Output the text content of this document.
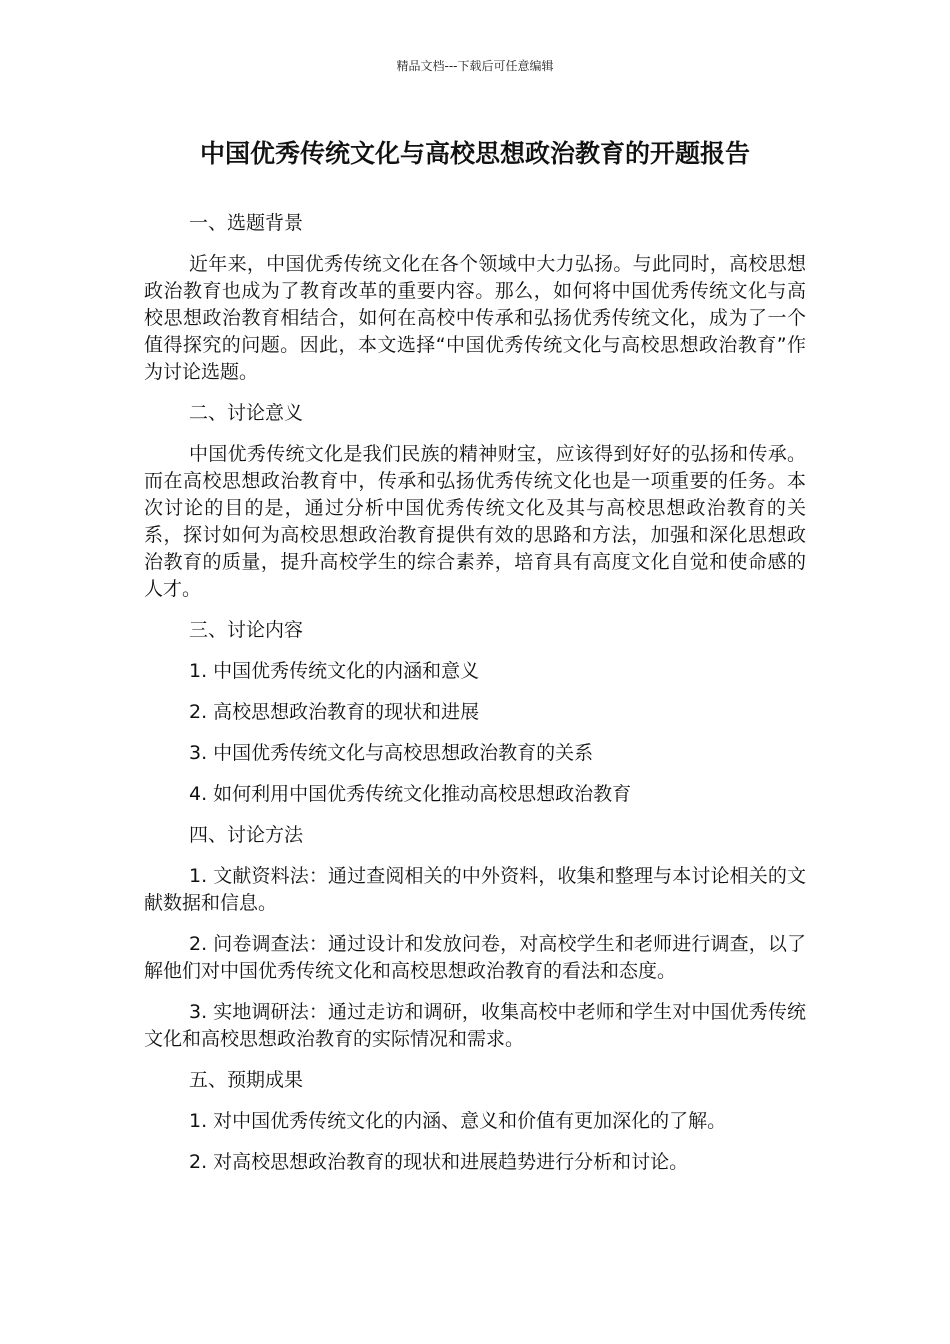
精品文档---下载后可任意编辑
中国优秀传统文化与高校思想政治教育的开题报告

一、选题背景

近年来，中国优秀传统文化在各个领域中大力弘扬。与此同时，高校思想政治教育也成为了教育改革的重要内容。那么，如何将中国优秀传统文化与高校思想政治教育相结合，如何在高校中传承和弘扬优秀传统文化，成为了一个值得探究的问题。因此，本文选择“中国优秀传统文化与高校思想政治教育”作为讨论选题。

二、讨论意义

中国优秀传统文化是我们民族的精神财宝，应该得到好好的弘扬和传承。而在高校思想政治教育中，传承和弘扬优秀传统文化也是一项重要的任务。本次讨论的目的是，通过分析中国优秀传统文化及其与高校思想政治教育的关系，探讨如何为高校思想政治教育提供有效的思路和方法，加强和深化思想政治教育的质量，提升高校学生的综合素养，培育具有高度文化自觉和使命感的人才。

三、讨论内容

1. 中国优秀传统文化的内涵和意义

2. 高校思想政治教育的现状和进展

3. 中国优秀传统文化与高校思想政治教育的关系

4. 如何利用中国优秀传统文化推动高校思想政治教育

四、讨论方法

1. 文献资料法：通过查阅相关的中外资料，收集和整理与本讨论相关的文献数据和信息。

2. 问卷调查法：通过设计和发放问卷，对高校学生和老师进行调查，以了解他们对中国优秀传统文化和高校思想政治教育的看法和态度。

3. 实地调研法：通过走访和调研，收集高校中老师和学生对中国优秀传统文化和高校思想政治教育的实际情况和需求。

五、预期成果

1. 对中国优秀传统文化的内涵、意义和价值有更加深化的了解。

2. 对高校思想政治教育的现状和进展趋势进行分析和讨论。
